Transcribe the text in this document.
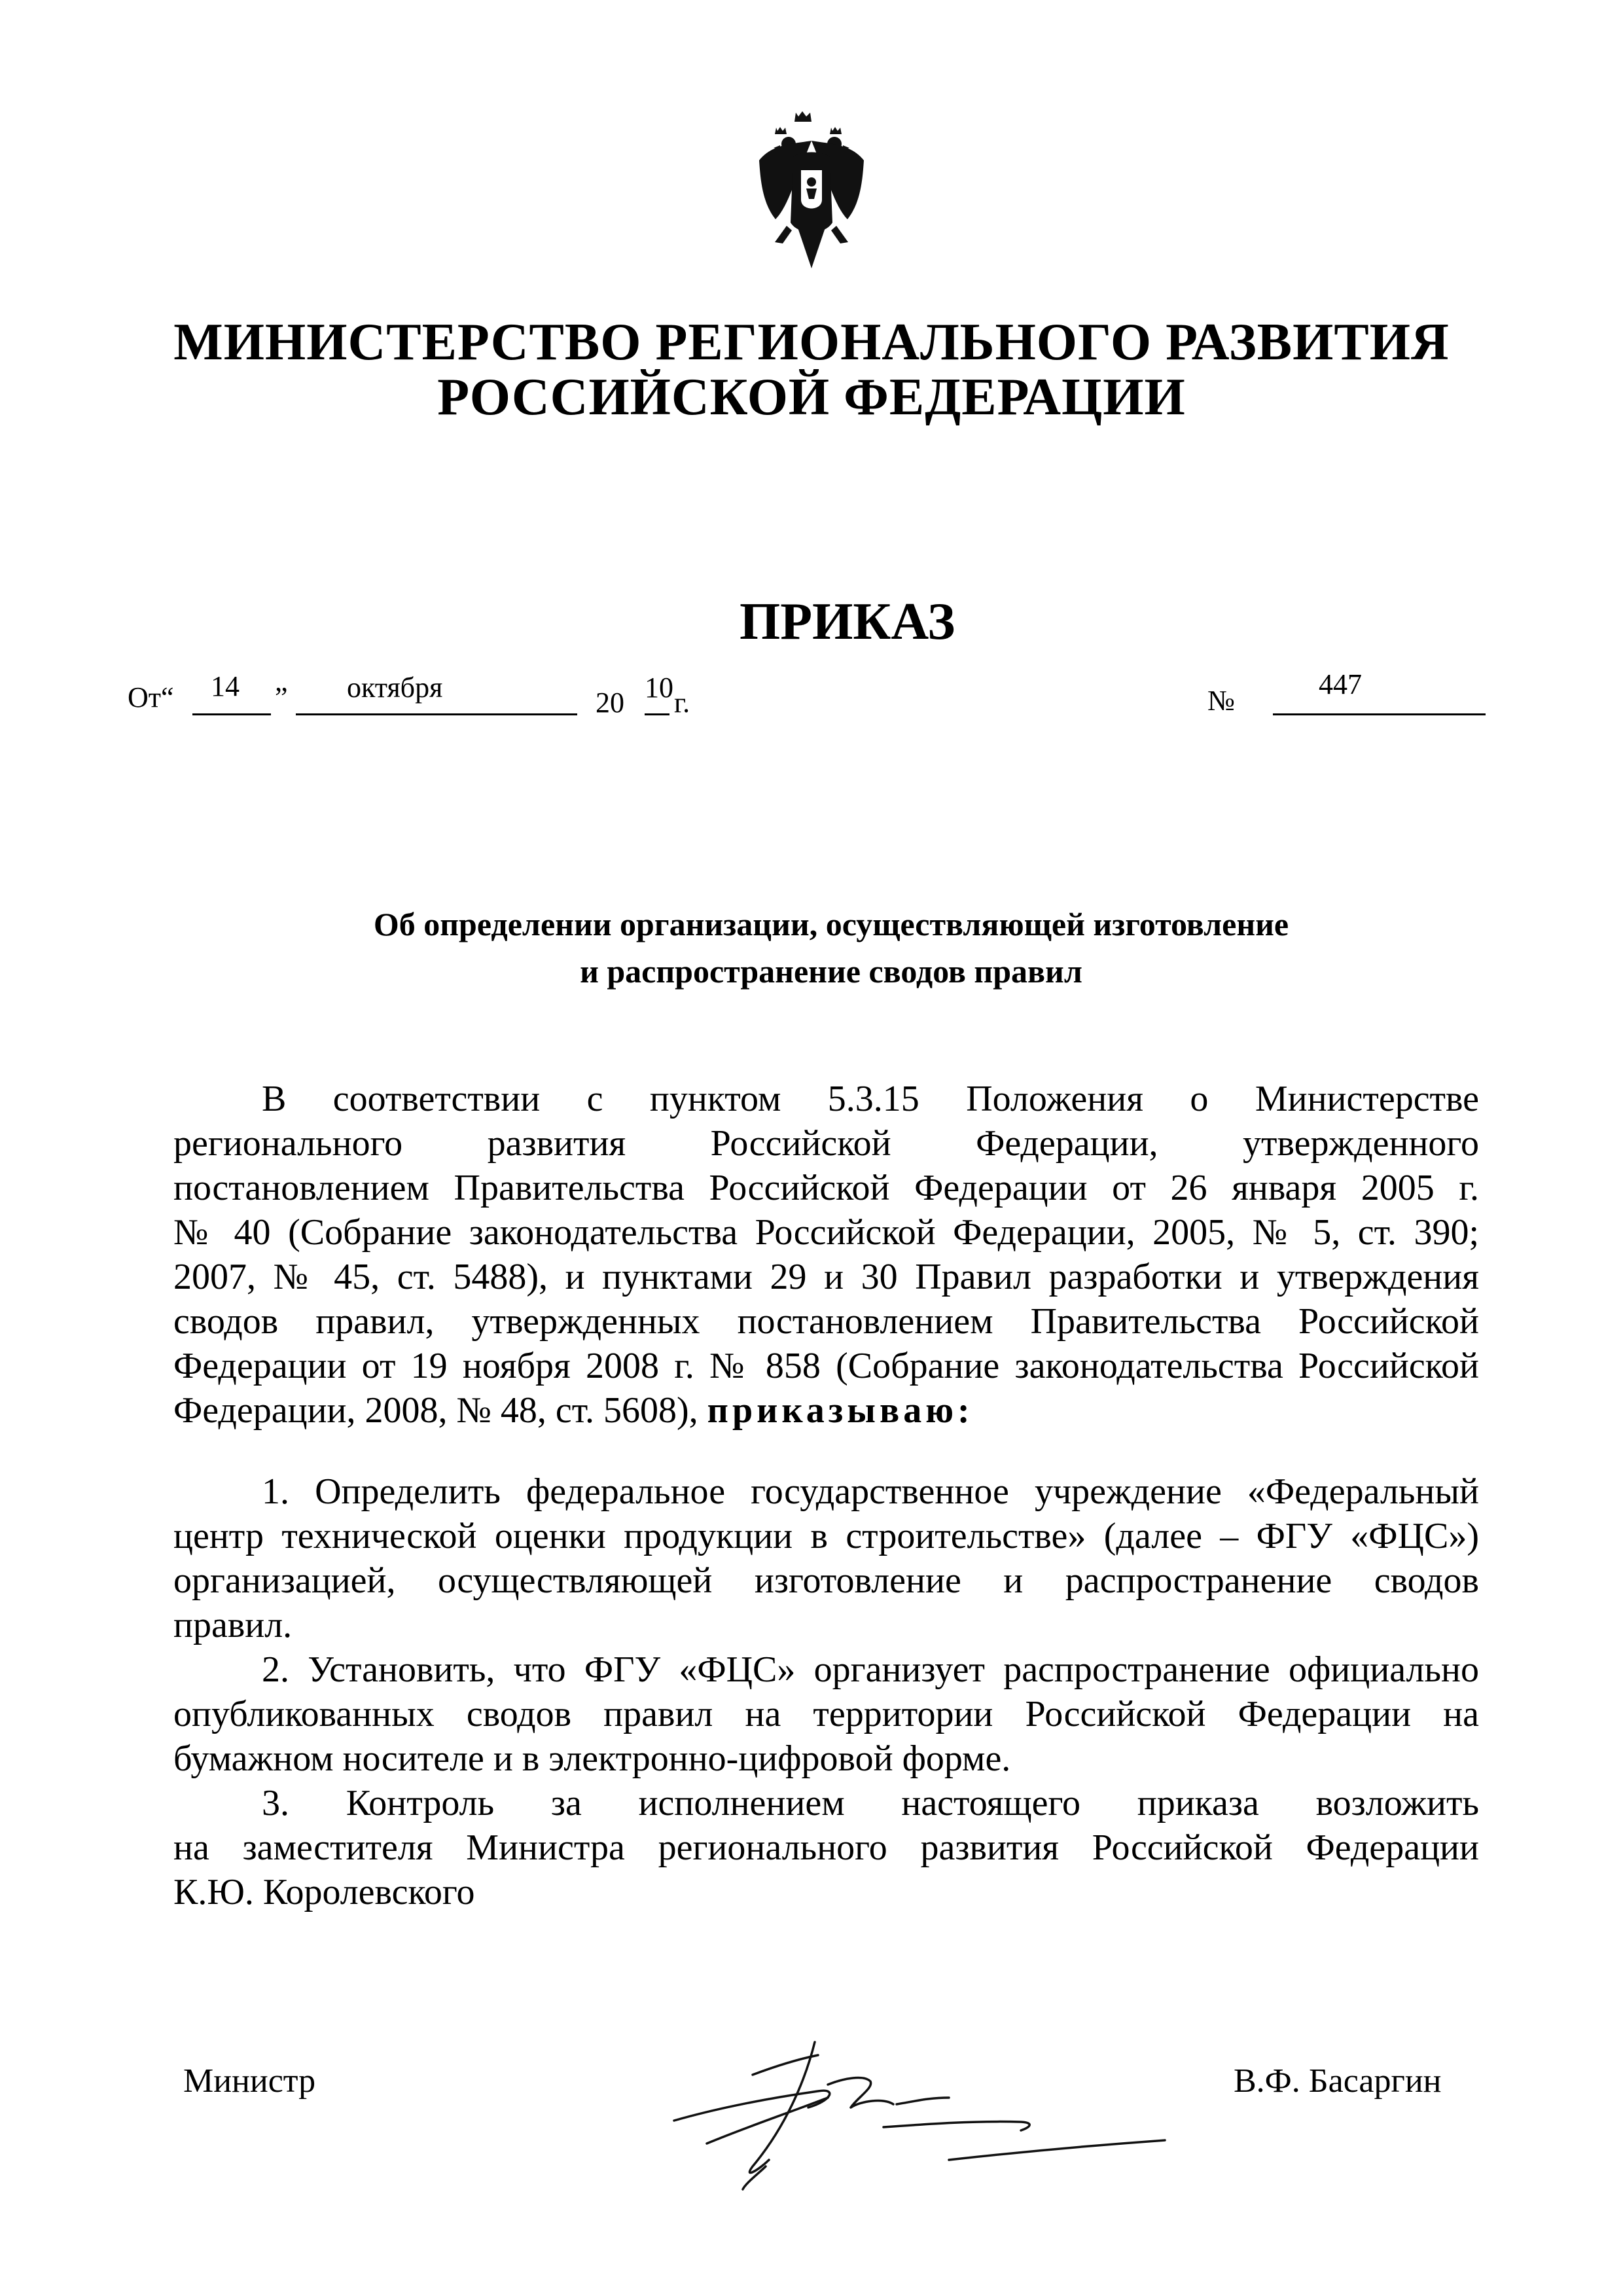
МИНИСТЕРСТВО РЕГИОНАЛЬНОГО РАЗВИТИЯ
РОССИЙСКОЙ ФЕДЕРАЦИИ
ПРИКАЗ
От“ 14 ” октября	20 10 г.	№
447
Об определении организации, осуществляющей изготовление
и распространение сводов правил
В соответствии с пунктом 5.3.15 Положения о Министерстве
регионального развития Российской Федерации, утвержденного
постановлением Правительства Российской Федерации от 26 января 2005 г.
№ 40 (Собрание законодательства Российской Федерации, 2005, № 5, ст. 390;
2007, № 45, ст. 5488), и пунктами 29 и 30 Правил разработки и утверждения
сводов правил, утвержденных постановлением Правительства Российской
Федерации от 19 ноября 2008 г. № 858 (Собрание законодательства Российской
Федерации, 2008, № 48, ст. 5608), приказываю:
1. Определить федеральное государственное учреждение «Федеральный
центр технической оценки продукции в строительстве» (далее – ФГУ «ФЦС»)
организацией, осуществляющей изготовление и распространение сводов
правил.
2. Установить, что ФГУ «ФЦС» организует распространение официально
опубликованных сводов правил на территории Российской Федерации на
бумажном носителе и в электронно-цифровой форме.
3. Контроль за исполнением настоящего приказа возложить
на заместителя Министра регионального развития Российской Федерации
К.Ю. Королевского
Министр	В.Ф. Басаргин
